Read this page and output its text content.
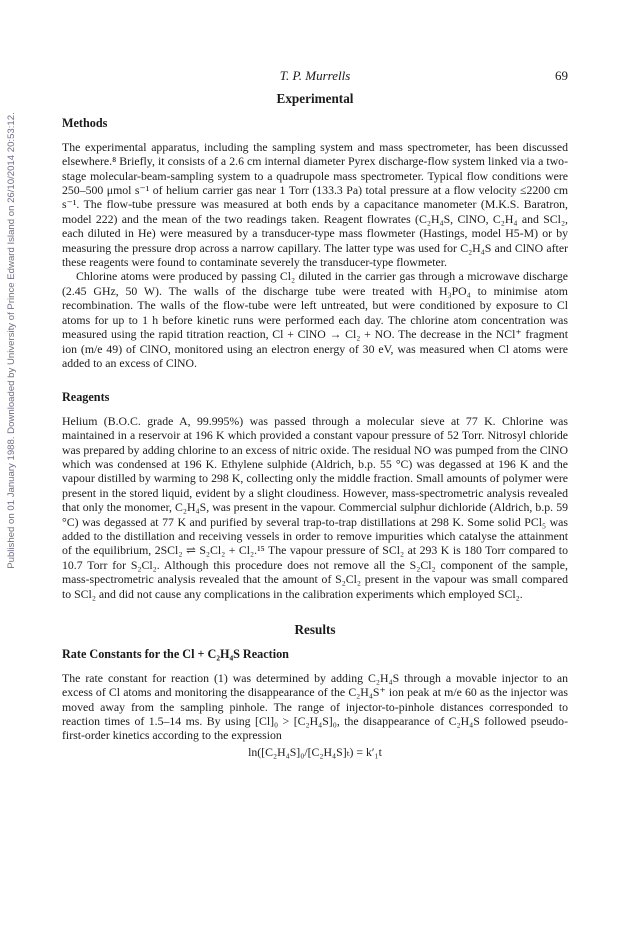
Published on 01 January 1988. Downloaded by University of Prince Edward Island on 26/10/2014 20:53:12.
T. P. Murrells	69
Experimental
Methods

The experimental apparatus, including the sampling system and mass spectrometer, has been discussed elsewhere.⁸ Briefly, it consists of a 2.6 cm internal diameter Pyrex discharge-flow system linked via a two-stage molecular-beam-sampling system to a quadrupole mass spectrometer. Typical flow conditions were 250–500 μmol s⁻¹ of helium carrier gas near 1 Torr (133.3 Pa) total pressure at a flow velocity ≤2200 cm s⁻¹. The flow-tube pressure was measured at both ends by a capacitance manometer (M.K.S. Baratron, model 222) and the mean of the two readings taken. Reagent flowrates (C₂H₄S, ClNO, C₂H₄ and SCl₂, each diluted in He) were measured by a transducer-type mass flowmeter (Hastings, model H5-M) or by measuring the pressure drop across a narrow capillary. The latter type was used for C₂H₄S and ClNO after these reagents were found to contaminate severely the transducer-type flowmeter.

Chlorine atoms were produced by passing Cl₂ diluted in the carrier gas through a microwave discharge (2.45 GHz, 50 W). The walls of the discharge tube were treated with H₃PO₄ to minimise atom recombination. The walls of the flow-tube were left untreated, but were conditioned by exposure to Cl atoms for up to 1 h before kinetic runs were performed each day. The chlorine atom concentration was measured using the rapid titration reaction, Cl + ClNO → Cl₂ + NO. The decrease in the NCl⁺ fragment ion (m/e 49) of ClNO, monitored using an electron energy of 30 eV, was measured when Cl atoms were added to an excess of ClNO.

Reagents

Helium (B.O.C. grade A, 99.995%) was passed through a molecular sieve at 77 K. Chlorine was maintained in a reservoir at 196 K which provided a constant vapour pressure of 52 Torr. Nitrosyl chloride was prepared by adding chlorine to an excess of nitric oxide. The residual NO was pumped from the ClNO which was condensed at 196 K. Ethylene sulphide (Aldrich, b.p. 55 °C) was degassed at 196 K and the vapour distilled by warming to 298 K, collecting only the middle fraction. Small amounts of polymer were present in the stored liquid, evident by a slight cloudiness. However, mass-spectrometric analysis revealed that only the monomer, C₂H₄S, was present in the vapour. Commercial sulphur dichloride (Aldrich, b.p. 59 °C) was degassed at 77 K and purified by several trap-to-trap distillations at 298 K. Some solid PCl₅ was added to the distillation and receiving vessels in order to remove impurities which catalyse the attainment of the equilibrium, 2SCl₂ ⇌ S₂Cl₂ + Cl₂.¹⁵ The vapour pressure of SCl₂ at 293 K is 180 Torr compared to 10.7 Torr for S₂Cl₂. Although this procedure does not remove all the S₂Cl₂ component of the sample, mass-spectrometric analysis revealed that the amount of S₂Cl₂ present in the vapour was small compared to SCl₂ and did not cause any complications in the calibration experiments which employed SCl₂.

Results
Rate Constants for the Cl + C₂H₄S Reaction

The rate constant for reaction (1) was determined by adding C₂H₄S through a movable injector to an excess of Cl atoms and monitoring the disappearance of the C₂H₄S⁺ ion peak at m/e 60 as the injector was moved away from the sampling pinhole. The range of injector-to-pinhole distances corresponded to reaction times of 1.5–14 ms. By using [Cl]₀ > [C₂H₄S]₀, the disappearance of C₂H₄S followed pseudo-first-order kinetics according to the expression

ln([C₂H₄S]₀/[C₂H₄S]ₜ) = k′₁t
